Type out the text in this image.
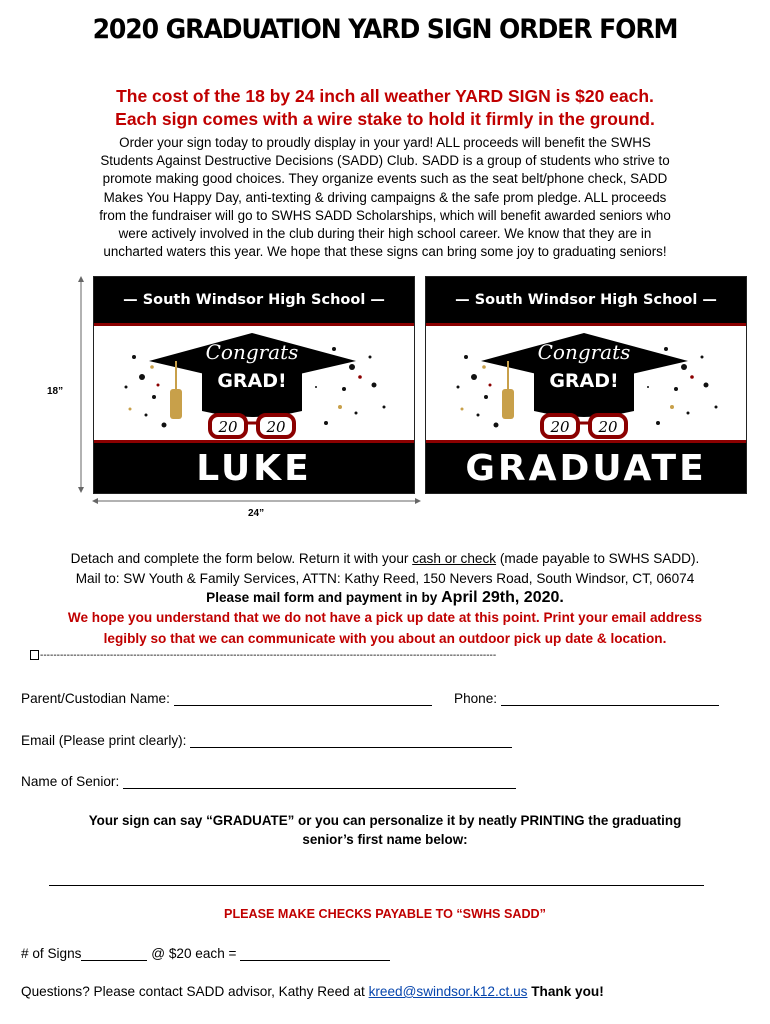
2020 GRADUATION YARD SIGN ORDER FORM
The cost of the 18 by 24 inch all weather YARD SIGN is $20 each.
Each sign comes with a wire stake to hold it firmly in the ground.
Order your sign today to proudly display in your yard! ALL proceeds will benefit the SWHS
Students Against Destructive Decisions (SADD) Club. SADD is a group of students who strive to
promote making good choices. They organize events such as the seat belt/phone check, SADD
Makes You Happy Day, anti-texting & driving campaigns & the safe prom pledge. ALL proceeds
from the fundraiser will go to SWHS SADD Scholarships, which will benefit awarded seniors who
were actively involved in the club during their high school career. We know that they are in
uncharted waters this year. We hope that these signs can bring some joy to graduating seniors!
18”
24”
— South Windsor High School —
Congrats
GRAD!
20 20
LUKE
— South Windsor High School —
Congrats
GRAD!
20 20
GRADUATE
Detach and complete the form below. Return it with your cash or check (made payable to SWHS SADD).
Mail to: SW Youth & Family Services, ATTN: Kathy Reed, 150 Nevers Road, South Windsor, CT, 06074
Please mail form and payment in by April 29th, 2020.
We hope you understand that we do not have a pick up date at this point. Print your email address
legibly so that we can communicate with you about an outdoor pick up date & location.
-----------------------------------------------------------------------------------------------------------------------------------------
Parent/Custodian Name:	Phone:
Email (Please print clearly):
Name of Senior:
Your sign can say “GRADUATE” or you can personalize it by neatly PRINTING the graduating
senior’s first name below:
PLEASE MAKE CHECKS PAYABLE TO “SWHS SADD”
# of Signs	@ $20 each =
Questions? Please contact SADD advisor, Kathy Reed at kreed@swindsor.k12.ct.us Thank you!
